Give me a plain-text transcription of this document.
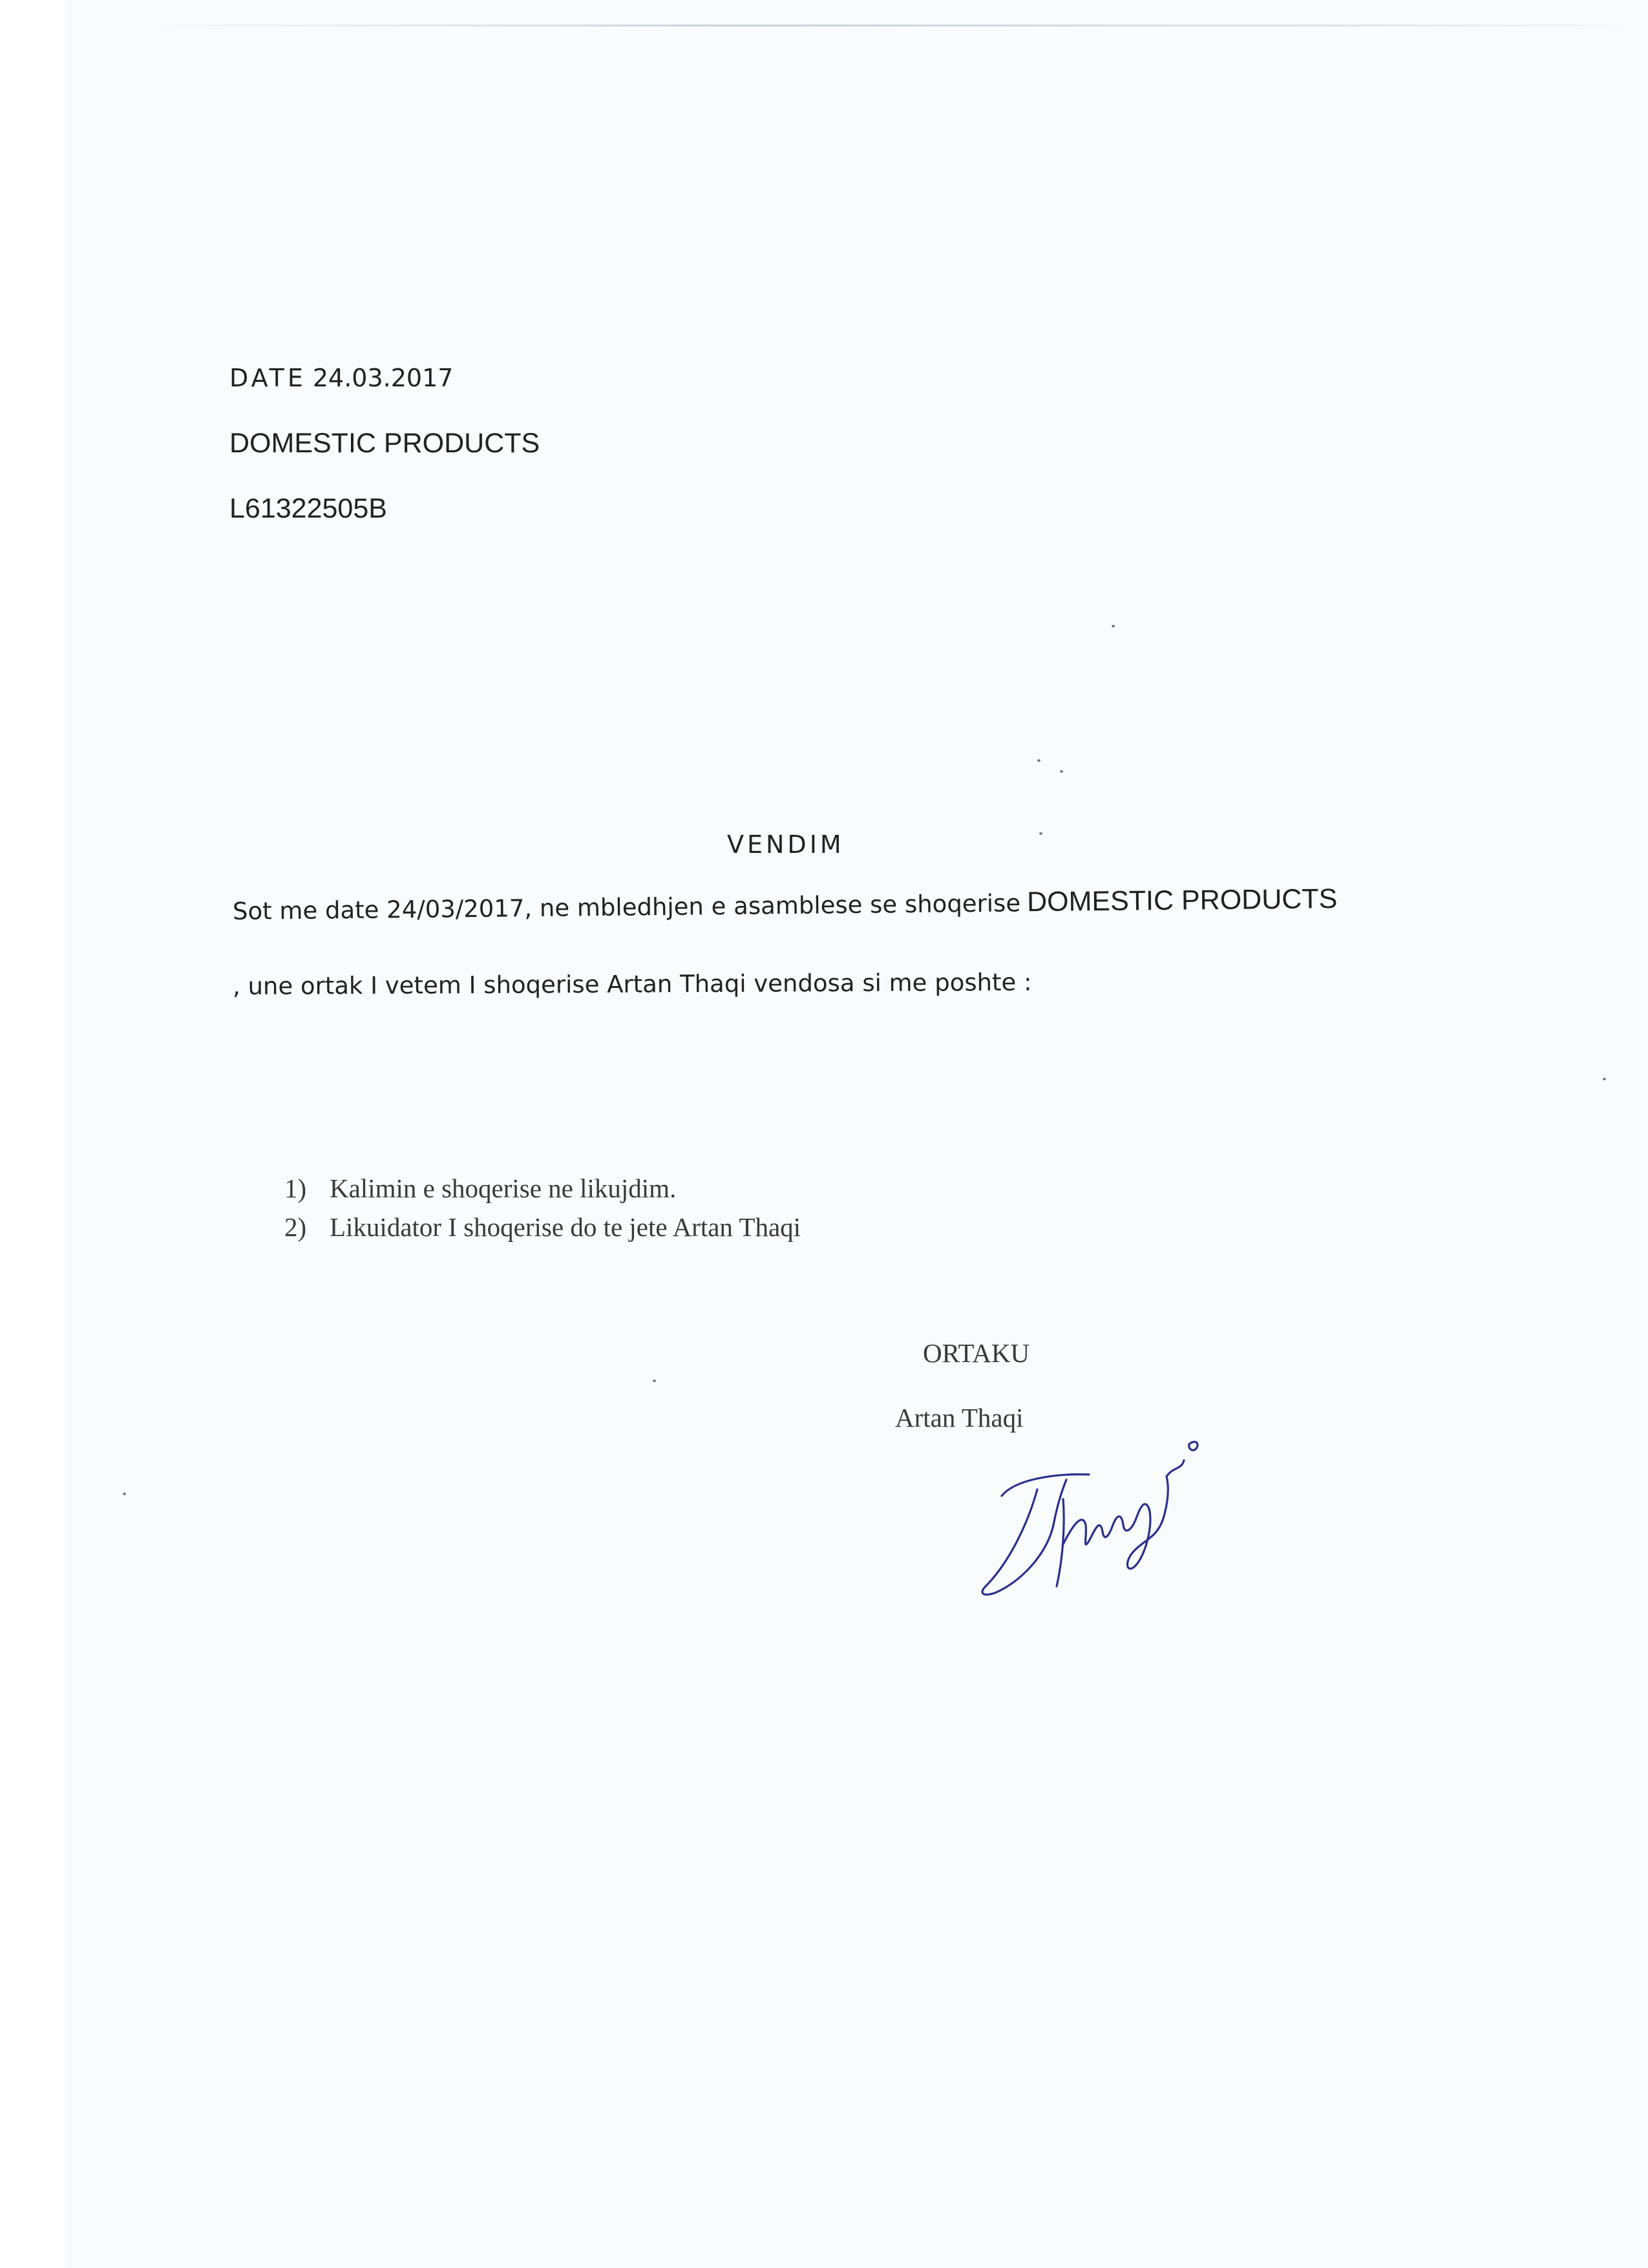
DATE 24.03.2017

DOMESTIC PRODUCTS

L61322505B

VENDIM

Sot me date 24/03/2017, ne mbledhjen e asamblese se shoqerise DOMESTIC PRODUCTS

, une ortak I vetem I shoqerise Artan Thaqi vendosa si me poshte :

1) Kalimin e shoqerise ne likujdim.

2) Likuidator I shoqerise do te jete Artan Thaqi

ORTAKU

Artan Thaqi
